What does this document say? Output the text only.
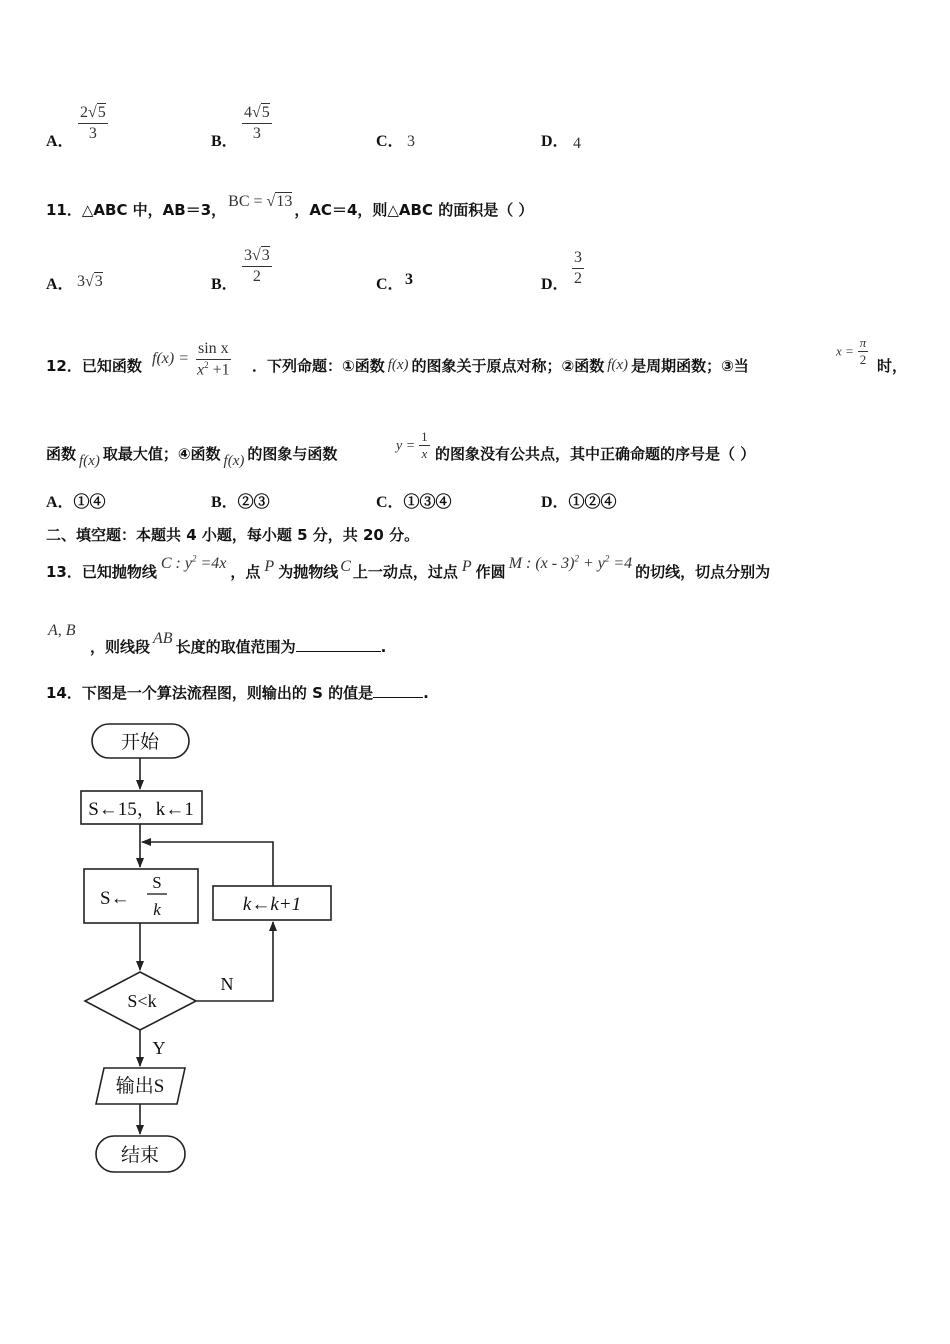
A． $\frac{2√5}{3}$	B． $\frac{4√5}{3}$	C． 3	D． 4
11．△ABC 中，AB＝3， BC = √13 ，AC＝4，则△ABC 的面积是（ ）
A． 3√3	B． $\frac{3√3}{2}$	C． 3	D． $\frac{3}{2}$
12．已知函数 $f(x) = \frac{\text{sin x}}{x^2 +1}$ ．下列命题：①函数 f(x) 的图象关于原点对称；②函数 f(x) 是周期函数；③当
$x = \frac{\pi}{2}$ 时，
函数 f(x) 取最大值；④函数 f(x) 的图象与函数	$y = \frac{1}{x}$ 的图象没有公共点，其中正确命题的序号是（ ）
A．①④	B．②③	C．①③④	D．①②④
二、填空题：本题共 4 小题，每小题 5 分，共 20 分。
13．已知抛物线 C : $y^2 =4x$ ，点 P 为抛物线 C 上一动点，过点 P 作圆 M : $(x - 3)^2 + y^2 =4$ 的切线，切点分别为
A, B
，则线段 AB 长度的取值范围为	.
14．下图是一个算法流程图，则输出的 S 的值是	.
开始
S←15，k←1
S←
S
k	k←k+1
S<k
N
Y
输出S
结束
